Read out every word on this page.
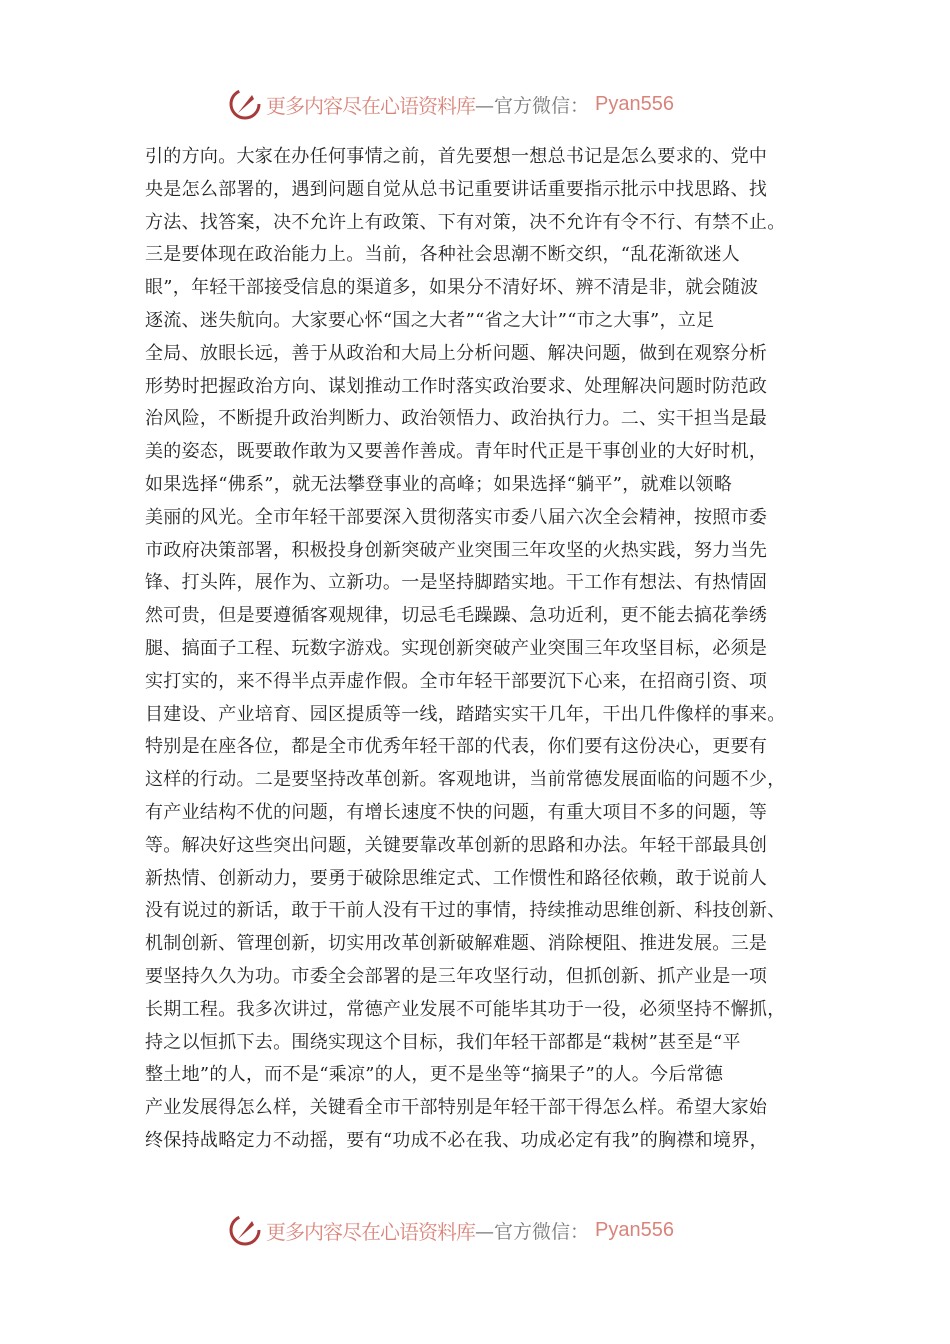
更多内容尽在心语资料库 —官方微信： Pyan556
引的方向。大家在办任何事情之前，首先要想一想总书记是怎么要求的、党中
央是怎么部署的，遇到问题自觉从总书记重要讲话重要指示批示中找思路、找
方法、找答案，决不允许上有政策、下有对策，决不允许有令不行、有禁不止。
三是要体现在政治能力上。当前，各种社会思潮不断交织，“乱花渐欲迷人
眼”，年轻干部接受信息的渠道多，如果分不清好坏、辨不清是非，就会随波
逐流、迷失航向。大家要心怀“国之大者”“省之大计”“市之大事”，立足
全局、放眼长远，善于从政治和大局上分析问题、解决问题，做到在观察分析
形势时把握政治方向、谋划推动工作时落实政治要求、处理解决问题时防范政
治风险，不断提升政治判断力、政治领悟力、政治执行力。二、实干担当是最
美的姿态，既要敢作敢为又要善作善成。青年时代正是干事创业的大好时机，
如果选择“佛系”，就无法攀登事业的高峰；如果选择“躺平”，就难以领略
美丽的风光。全市年轻干部要深入贯彻落实市委八届六次全会精神，按照市委
市政府决策部署，积极投身创新突破产业突围三年攻坚的火热实践，努力当先
锋、打头阵，展作为、立新功。一是坚持脚踏实地。干工作有想法、有热情固
然可贵，但是要遵循客观规律，切忌毛毛躁躁、急功近利，更不能去搞花拳绣
腿、搞面子工程、玩数字游戏。实现创新突破产业突围三年攻坚目标，必须是
实打实的，来不得半点弄虚作假。全市年轻干部要沉下心来，在招商引资、项
目建设、产业培育、园区提质等一线，踏踏实实干几年，干出几件像样的事来。
特别是在座各位，都是全市优秀年轻干部的代表，你们要有这份决心，更要有
这样的行动。二是要坚持改革创新。客观地讲，当前常德发展面临的问题不少，
有产业结构不优的问题，有增长速度不快的问题，有重大项目不多的问题，等
等。解决好这些突出问题，关键要靠改革创新的思路和办法。年轻干部最具创
新热情、创新动力，要勇于破除思维定式、工作惯性和路径依赖，敢于说前人
没有说过的新话，敢于干前人没有干过的事情，持续推动思维创新、科技创新、
机制创新、管理创新，切实用改革创新破解难题、消除梗阻、推进发展。三是
要坚持久久为功。市委全会部署的是三年攻坚行动，但抓创新、抓产业是一项
长期工程。我多次讲过，常德产业发展不可能毕其功于一役，必须坚持不懈抓，
持之以恒抓下去。围绕实现这个目标，我们年轻干部都是“栽树”甚至是“平
整土地”的人，而不是“乘凉”的人，更不是坐等“摘果子”的人。今后常德
产业发展得怎么样，关键看全市干部特别是年轻干部干得怎么样。希望大家始
终保持战略定力不动摇，要有“功成不必在我、功成必定有我”的胸襟和境界，
更多内容尽在心语资料库 —官方微信： Pyan556
